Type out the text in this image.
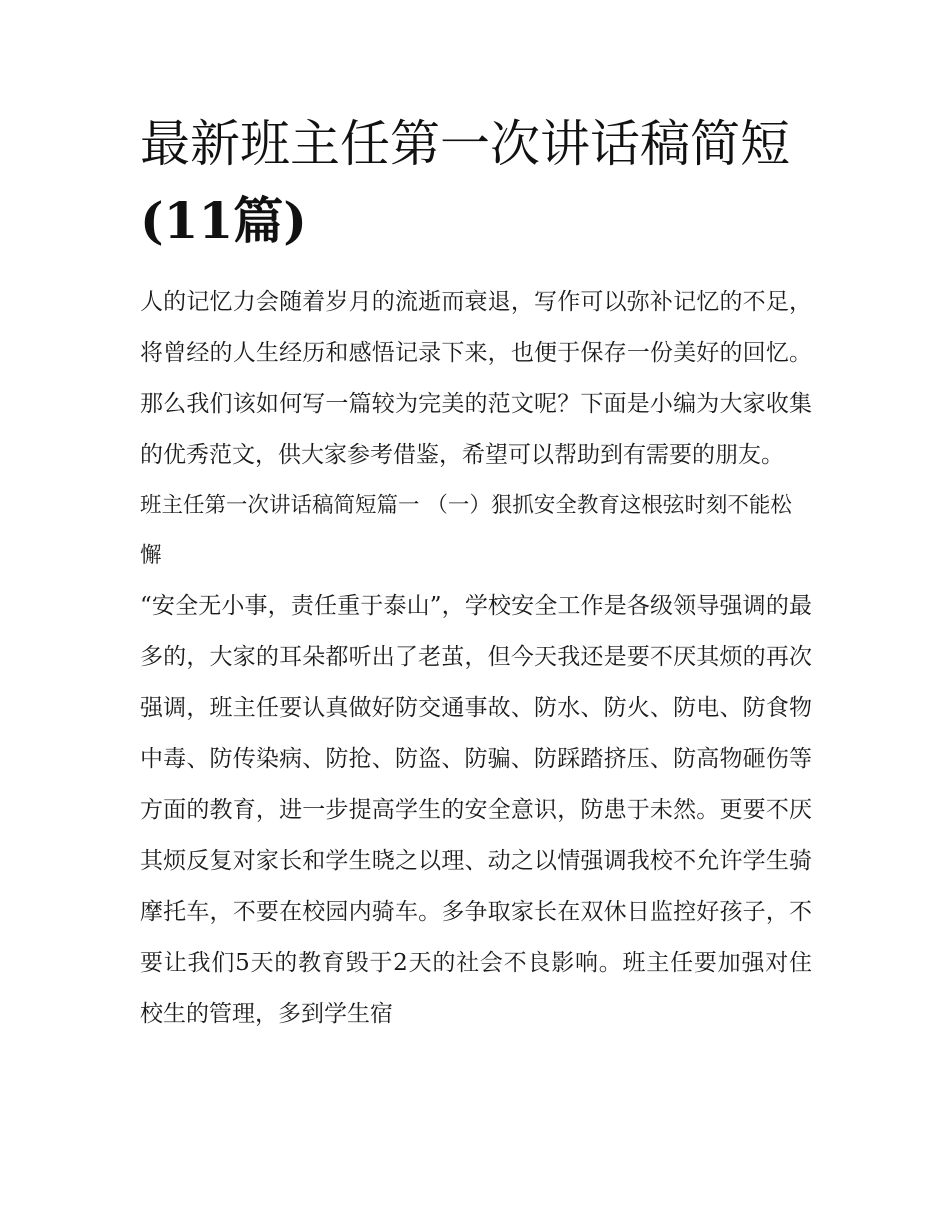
最新班主任第一次讲话稿简短
(11篇)

人的记忆力会随着岁月的流逝而衰退，写作可以弥补记忆的不足，将曾经的人生经历和感悟记录下来，也便于保存一份美好的回忆。那么我们该如何写一篇较为完美的范文呢？下面是小编为大家收集的优秀范文，供大家参考借鉴，希望可以帮助到有需要的朋友。

班主任第一次讲话稿简短篇一 （一）狠抓安全教育这根弦时刻不能松懈

“安全无小事，责任重于泰山”，学校安全工作是各级领导强调的最多的，大家的耳朵都听出了老茧，但今天我还是要不厌其烦的再次强调，班主任要认真做好防交通事故、防水、防火、防电、防食物中毒、防传染病、防抢、防盗、防骗、防踩踏挤压、防高物砸伤等方面的教育，进一步提高学生的安全意识，防患于未然。更要不厌其烦反复对家长和学生晓之以理、动之以情强调我校不允许学生骑摩托车，不要在校园内骑车。多争取家长在双休日监控好孩子，不要让我们5天的教育毁于2天的社会不良影响。班主任要加强对住校生的管理，多到学生宿
